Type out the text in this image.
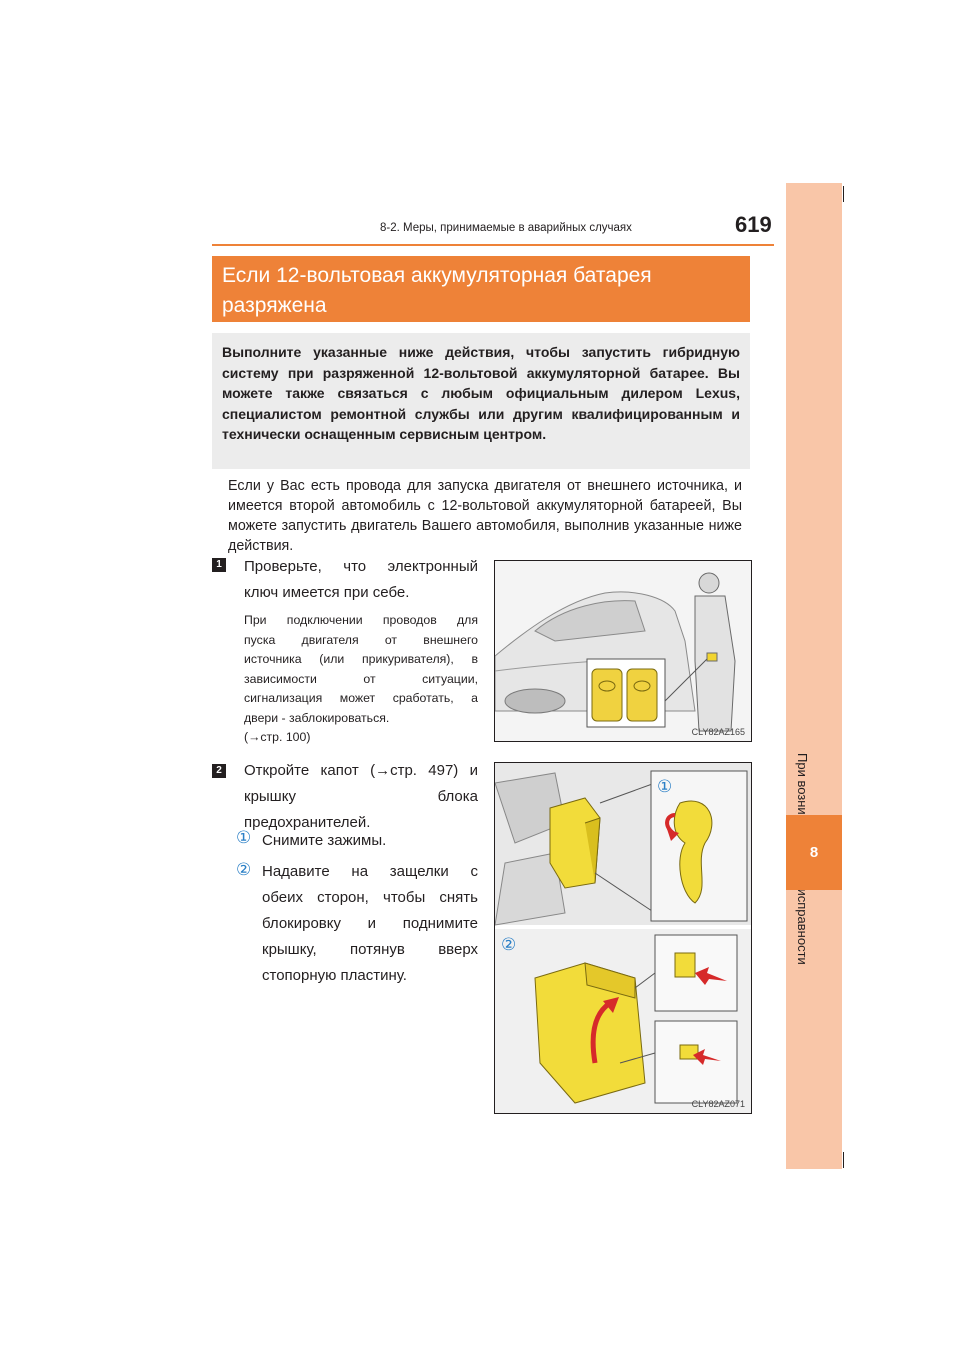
8
8-2. Меры, принимаемые в аварийных случаях	619
Если 12-вольтовая аккумуляторная батарея
разряжена
Выполните указанные ниже действия, чтобы запустить гибридную систему при разряженной 12-вольтовой аккумуляторной батарее. Вы можете также связаться с любым официальным дилером Lexus, специалистом ремонтной службы или другим квалифицированным и технически оснащенным сервисным центром.
Если у Вас есть провода для запуска двигателя от внешнего источника, и имеется второй автомобиль с 12-вольтовой аккумуляторной батареей, Вы можете запустить двигатель Вашего автомобиля, выполнив указанные ниже действия.
1 Проверьте, что электронный
ключ имеется при себе.
При подключении проводов для
пуска двигателя от внешнего
источника (или прикуривателя), в
зависимости от ситуации,
сигнализация может сработать, а
двери - заблокироваться.
(→стр. 100)	CLY82AZ165
2 Откройте капот (→стр. 497) и
крышку блока
предохранителей.
① Снимите зажимы.
② Надавите на защелки с
обеих сторон, чтобы снять
блокировку и поднимите
крышку, потянув вверх
стопорную пластину.
①
②
CLY82AZ071
